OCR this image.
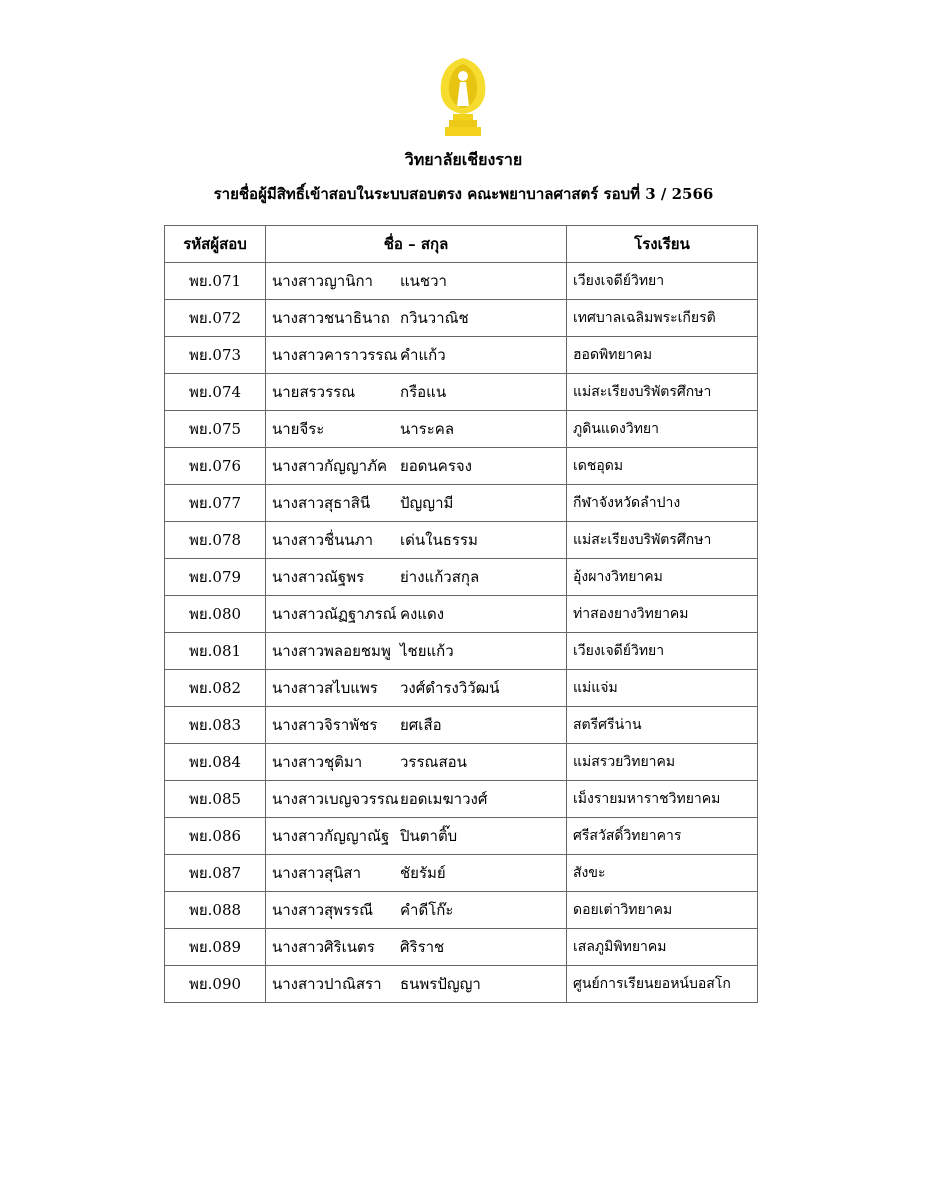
วิทยาลัยเชียงราย
รายชื่อผู้มีสิทธิ์เข้าสอบในระบบสอบตรง คณะพยาบาลศาสตร์ รอบที่ 3 / 2566
รหัสผู้สอบ	ชื่อ – สกุล	โรงเรียน
พย.071	นางสาวญานิกา แนชวา	เวียงเจดีย์วิทยา
พย.072	นางสาวชนาธินาถ กวินวาณิช	เทศบาลเฉลิมพระเกียรติ
พย.073	นางสาวคาราวรรณ คำแก้ว	ฮอดพิทยาคม
พย.074	นายสรวรรณ กรือแน	แม่สะเรียงบริพัตรศึกษา
พย.075	นายจีระ นาระคล	ภูดินแดงวิทยา
พย.076	นางสาวกัญญาภัค ยอดนครจง	เดชอุดม
พย.077	นางสาวสุธาสินี ปัญญามี	กีฬาจังหวัดลำปาง
พย.078	นางสาวชื่นนภา เด่นในธรรม	แม่สะเรียงบริพัตรศึกษา
พย.079	นางสาวณัฐพร ย่างแก้วสกุล	อุ้งผางวิทยาคม
พย.080	นางสาวณัฏฐาภรณ์ คงแดง	ท่าสองยางวิทยาคม
พย.081	นางสาวพลอยชมพู ไชยแก้ว	เวียงเจดีย์วิทยา
พย.082	นางสาวสไบแพร วงศ์ดำรงวิวัฒน์	แม่แจ่ม
พย.083	นางสาวจิราพัชร ยศเสือ	สตรีศรีน่าน
พย.084	นางสาวชุติมา วรรณสอน	แม่สรวยวิทยาคม
พย.085	นางสาวเบญจวรรณยอดเมฆาวงศ์	เม็งรายมหาราชวิทยาคม
พย.086	นางสาวกัญญาณัฐ ปินตาติ๊บ	ศรีสวัสดิ์วิทยาคาร
พย.087	นางสาวสุนิสา ชัยรัมย์	สังขะ
พย.088	นางสาวสุพรรณี คำดีโก๊ะ	ดอยเต่าวิทยาคม
พย.089	นางสาวศิริเนตร ศิริราช	เสลภูมิพิทยาคม
พย.090	นางสาวปาณิสรา ธนพรปัญญา	ศูนย์การเรียนยอหน์บอสโก
